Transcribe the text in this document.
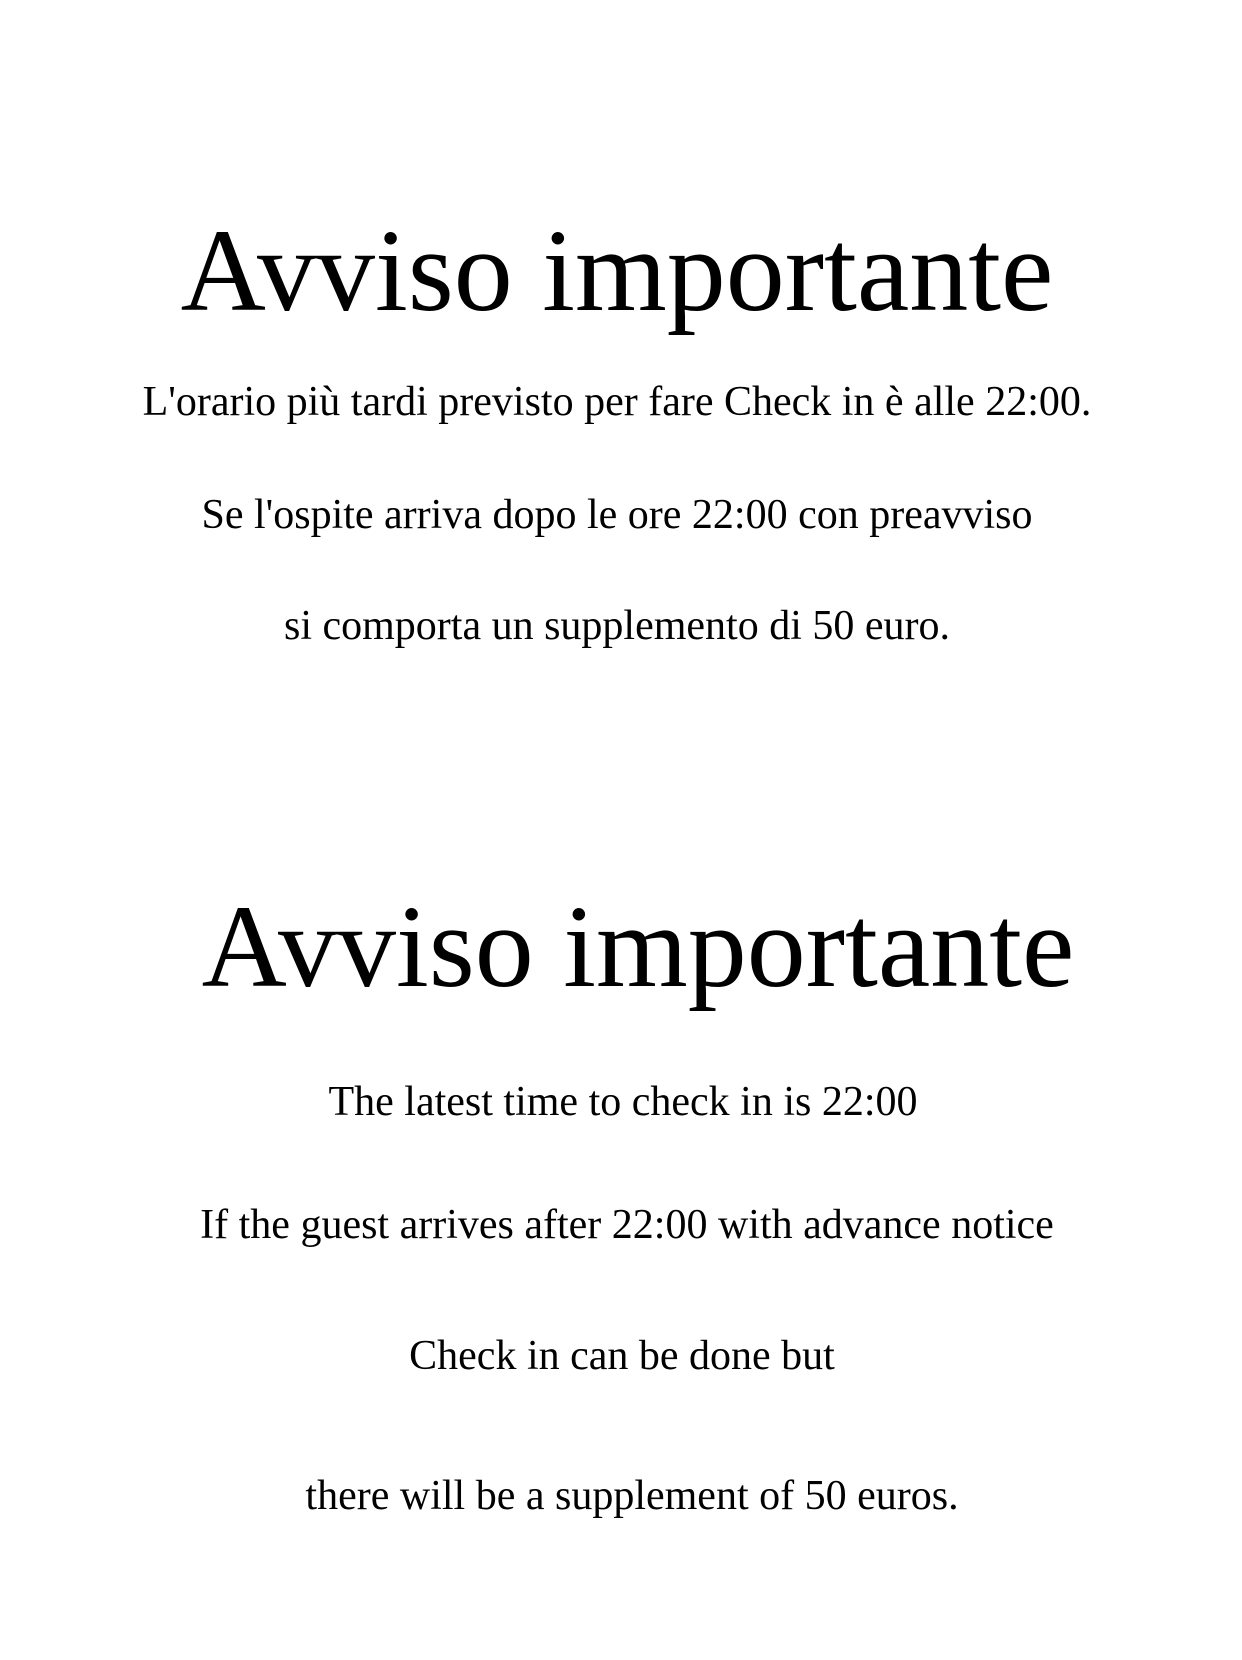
Avviso importante
L'orario più tardi previsto per fare Check in è alle 22:00.
Se l'ospite arriva dopo le ore 22:00 con preavviso
si comporta un supplemento di 50 euro.
Avviso importante
The latest time to check in is 22:00
If the guest arrives after 22:00 with advance notice
Check in can be done but
there will be a supplement of 50 euros.
